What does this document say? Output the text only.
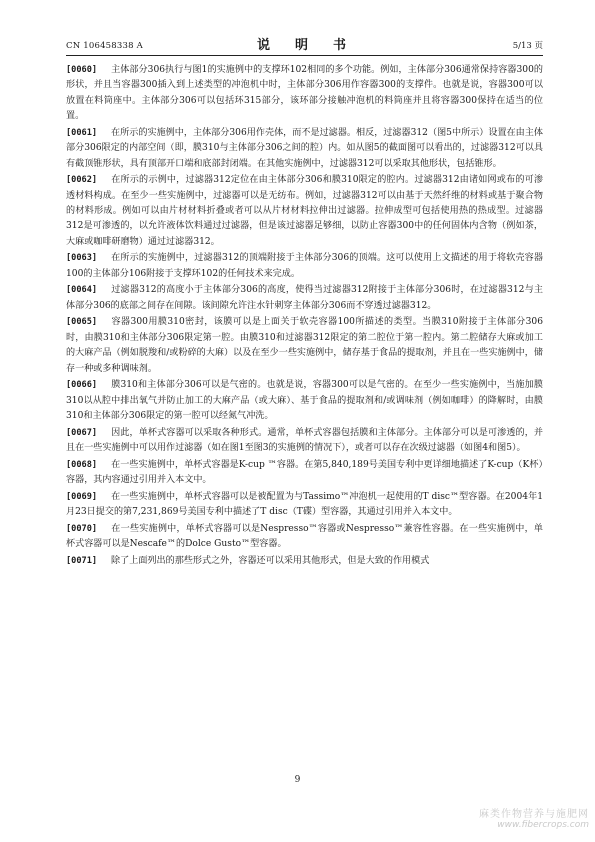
CN 106458338 A	说　明　书	5/13 页

[0060] 主体部分306执行与图1的实施例中的支撑环102相同的多个功能。例如，主体部分306通常保持容器300的形状，并且当容器300插入到上述类型的冲泡机中时，主体部分306用作容器300的支撑件。也就是说，容器300可以放置在料筒座中。主体部分306可以包括环315部分，该环部分接触冲泡机的料筒座并且将容器300保持在适当的位置。

[0061] 在所示的实施例中，主体部分306用作壳体，而不是过滤器。相反，过滤器312（图5中所示）设置在由主体部分306限定的内部空间（即，膜310与主体部分306之间的腔）内。如从图5的截面图可以看出的，过滤器312可以具有截顶锥形状，具有顶部开口端和底部封闭端。在其他实施例中，过滤器312可以采取其他形状，包括锥形。

[0062] 在所示的示例中，过滤器312定位在由主体部分306和膜310限定的腔内。过滤器312由诸如网或布的可渗透材料构成。在至少一些实施例中，过滤器可以是无纺布。例如，过滤器312可以由基于天然纤维的材料或基于聚合物的材料形成。例如可以由片材材料折叠或者可以从片材材料拉伸出过滤器。拉伸成型可包括使用热的热成型。过滤器312是可渗透的，以允许液体饮料通过过滤器，但是该过滤器足够细，以防止容器300中的任何固体内含物（例如茶，大麻或咖啡研磨物）通过过滤器312。

[0063] 在所示的实施例中，过滤器312的顶端附接于主体部分306的顶端。这可以使用上文描述的用于将软壳容器100的主体部分106附接于支撑环102的任何技术来完成。

[0064] 过滤器312的高度小于主体部分306的高度，使得当过滤器312附接于主体部分306时，在过滤器312与主体部分306的底部之间存在间隙。该间隙允许注水针刺穿主体部分306而不穿透过滤器312。

[0065] 容器300用膜310密封，该膜可以是上面关于软壳容器100所描述的类型。当膜310附接于主体部分306时，由膜310和主体部分306限定第一腔。由膜310和过滤器312限定的第二腔位于第一腔内。第二腔储存大麻或加工的大麻产品（例如脱羧和/或粉碎的大麻）以及在至少一些实施例中，储存基于食品的提取剂，并且在一些实施例中，储存一种或多种调味剂。

[0066] 膜310和主体部分306可以是气密的。也就是说，容器300可以是气密的。在至少一些实施例中，当施加膜310以从腔中排出氧气并防止加工的大麻产品（或大麻）、基于食品的提取剂和/或调味剂（例如咖啡）的降解时，由膜310和主体部分306限定的第一腔可以经氮气冲洗。

[0067] 因此，单杯式容器可以采取各种形式。通常，单杯式容器包括膜和主体部分。主体部分可以是可渗透的，并且在一些实施例中可以用作过滤器（如在图1至图3的实施例的情况下），或者可以存在次级过滤器（如图4和图5）。

[0068] 在一些实施例中，单杯式容器是K-cup ™容器。在第5,840,189号美国专利中更详细地描述了K-cup（K杯）容器，其内容通过引用并入本文中。

[0069] 在一些实施例中，单杯式容器可以是被配置为与Tassimo™冲泡机一起使用的T disc™型容器。在2004年1月23日提交的第7,231,869号美国专利中描述了T disc（T碟）型容器，其通过引用并入本文中。

[0070] 在一些实施例中，单杯式容器可以是Nespresso™容器或Nespresso™兼容性容器。在一些实施例中，单杯式容器可以是Nescafe™的Dolce Gusto™型容器。

[0071] 除了上面列出的那些形式之外，容器还可以采用其他形式，但是大致的作用模式

9
麻类作物营养与施肥网
www.fibercrops.com
